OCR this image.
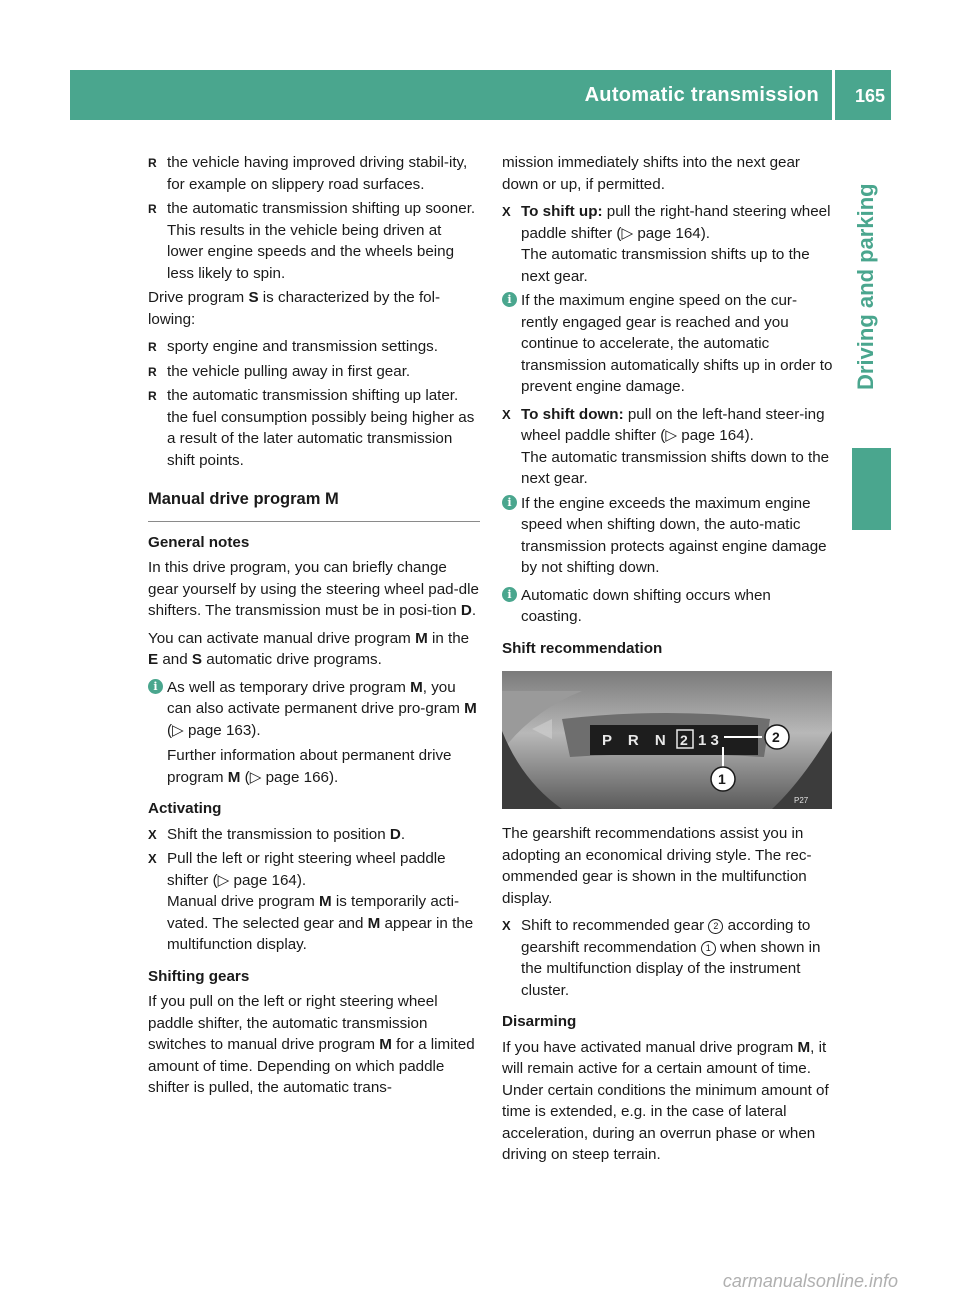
Automatic transmission 165
Driving and parking

R the vehicle having improved driving stabil-ity, for example on slippery road surfaces.

R the automatic transmission shifting up sooner. This results in the vehicle being driven at lower engine speeds and the wheels being less likely to spin.

Drive program S is characterized by the fol-lowing:

R sporty engine and transmission settings.

R the vehicle pulling away in first gear.

R the automatic transmission shifting up later. the fuel consumption possibly being higher as a result of the later automatic transmission shift points.

Manual drive program M

General notes

In this drive program, you can briefly change gear yourself by using the steering wheel pad-dle shifters. The transmission must be in posi-tion D.

You can activate manual drive program M in the E and S automatic drive programs.

i As well as temporary drive program M, you can also activate permanent drive pro-gram M (▷ page 163).

Further information about permanent drive program M (▷ page 166).

Activating

X Shift the transmission to position D.

X Pull the left or right steering wheel paddle shifter (▷ page 164).

Manual drive program M is temporarily acti-vated. The selected gear and M appear in the multifunction display.

Shifting gears

If you pull on the left or right steering wheel paddle shifter, the automatic transmission switches to manual drive program M for a limited amount of time. Depending on which paddle shifter is pulled, the automatic trans-

mission immediately shifts into the next gear down or up, if permitted.

X To shift up: pull the right-hand steering wheel paddle shifter (▷ page 164).

The automatic transmission shifts up to the next gear.

i If the maximum engine speed on the cur-rently engaged gear is reached and you continue to accelerate, the automatic transmission automatically shifts up in order to prevent engine damage.

X To shift down: pull on the left-hand steer-ing wheel paddle shifter (▷ page 164).

The automatic transmission shifts down to the next gear.

i If the engine exceeds the maximum engine speed when shifting down, the auto-matic transmission protects against engine damage by not shifting down.

i Automatic down shifting occurs when coasting.

Shift recommendation

P R N 2 1 3	2
1
P27

The gearshift recommendations assist you in adopting an economical driving style. The rec-ommended gear is shown in the multifunction display.

X Shift to recommended gear 2 according to gearshift recommendation 1 when shown in the multifunction display of the instrument cluster.

Disarming

If you have activated manual drive program M, it will remain active for a certain amount of time. Under certain conditions the minimum amount of time is extended, e.g. in the case of lateral acceleration, during an overrun phase or when driving on steep terrain.

carmanualsonline.info
